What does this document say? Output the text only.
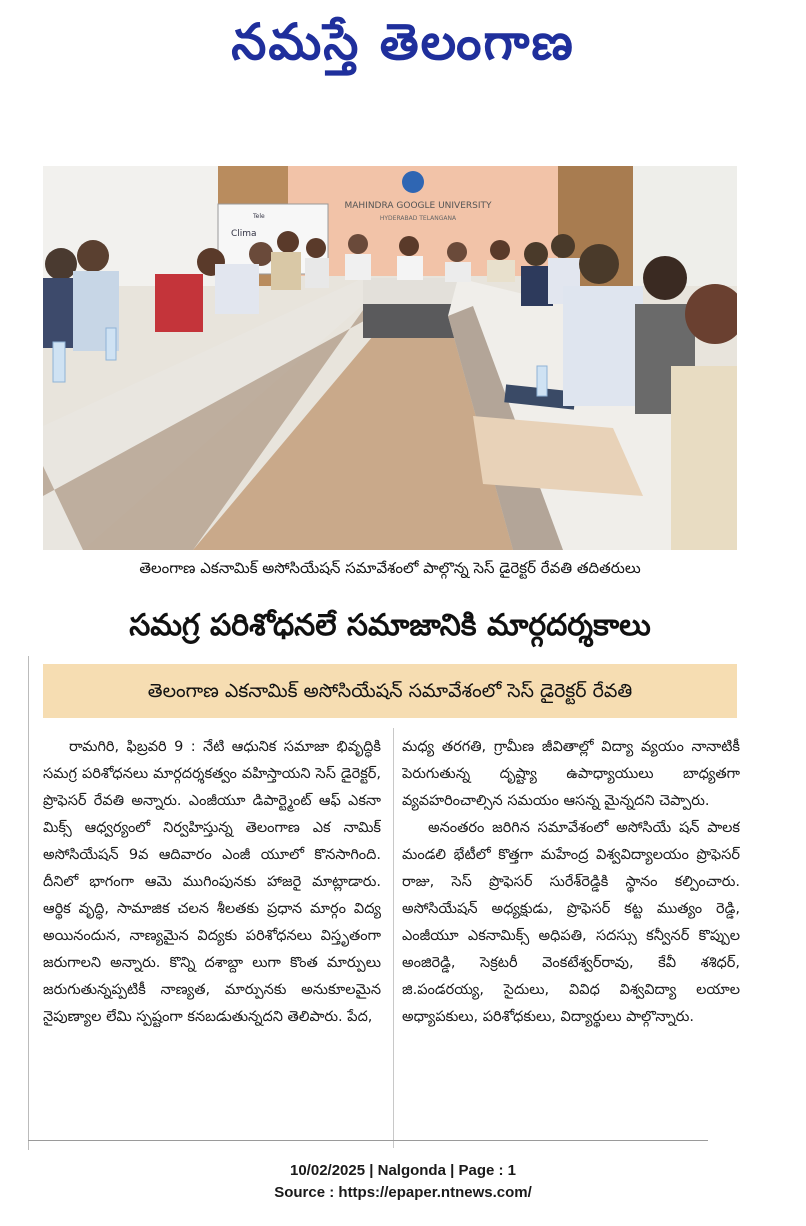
నమస్తే తెలంగాణ
MAHINDRA GOOGLE UNIVERSITY
HYDERABAD TELANGANA
Clima
Tele
తెలంగాణ ఎకనామిక్ అసోసియేషన్ సమావేశంలో పాల్గొన్న సెస్ డైరెక్టర్ రేవతి తదితరులు
సమగ్ర పరిశోధనలే సమాజానికి మార్గదర్శకాలు
తెలంగాణ ఎకనామిక్ అసోసియేషన్ సమావేశంలో సెస్ డైరెక్టర్ రేవతి

రామగిరి, ఫిబ్రవరి 9 : నేటి ఆధునిక సమాజా భివృద్ధికి సమగ్ర పరిశోధనలు మార్గదర్శకత్వం వహిస్తాయని సెస్ డైరెక్టర్, ప్రొఫెసర్ రేవతి అన్నారు. ఎంజీయూ డిపార్ట్మెంట్ ఆఫ్ ఎకనా మిక్స్ ఆధ్వర్యంలో నిర్వహిస్తున్న తెలంగాణ ఎక నామిక్ అసోసియేషన్ 9వ ఆదివారం ఎంజీ యూలో కొనసాగింది. దీనిలో భాగంగా ఆమె ముగింపునకు హాజరై మాట్లాడారు. ఆర్థిక వృద్ధి, సామాజిక చలన శీలతకు ప్రధాన మార్గం విద్య అయినందున, నాణ్యమైన విద్యకు పరిశోధనలు విస్తృతంగా జరుగాలని అన్నారు. కొన్ని దశాబ్దా లుగా కొంత మార్పులు జరుగుతున్నప్పటికీ నాణ్యత, మార్పునకు అనుకూలమైన నైపుణ్యాల లేమి స్పష్టంగా కనబడుతున్నదని తెలిపారు. పేద,

మధ్య తరగతి, గ్రామీణ జీవితాల్లో విద్యా వ్యయం నానాటికీ పెరుగుతున్న దృష్ట్యా ఉపాధ్యాయులు బాధ్యతగా వ్యవహరించాల్సిన సమయం ఆసన్న మైన్నదని చెప్పారు.

అనంతరం జరిగిన సమావేశంలో అసోసియే షన్ పాలక మండలి భేటీలో కొత్తగా మహేంద్ర విశ్వవిద్యాలయం ప్రొఫెసర్ రాజు, సెస్ ప్రొఫెసర్ సురేశ్‌రెడ్డికి స్థానం కల్పించారు. అసోసియేషన్ అధ్యక్షుడు, ప్రొఫెసర్ కట్ట ముత్యం రెడ్డి, ఎంజీయూ ఎకనామిక్స్ అధిపతి, సదస్సు కన్వీనర్ కొప్పుల అంజిరెడ్డి, సెక్రటరీ వెంకటేశ్వర్‌రావు, కేవీ శశిధర్, జి.పండరయ్య, సైదులు, వివిధ విశ్వవిద్యా లయాల అధ్యాపకులు, పరిశోధకులు, విద్యార్థులు పాల్గొన్నారు.

10/02/2025 | Nalgonda | Page : 1
Source : https://epaper.ntnews.com/
